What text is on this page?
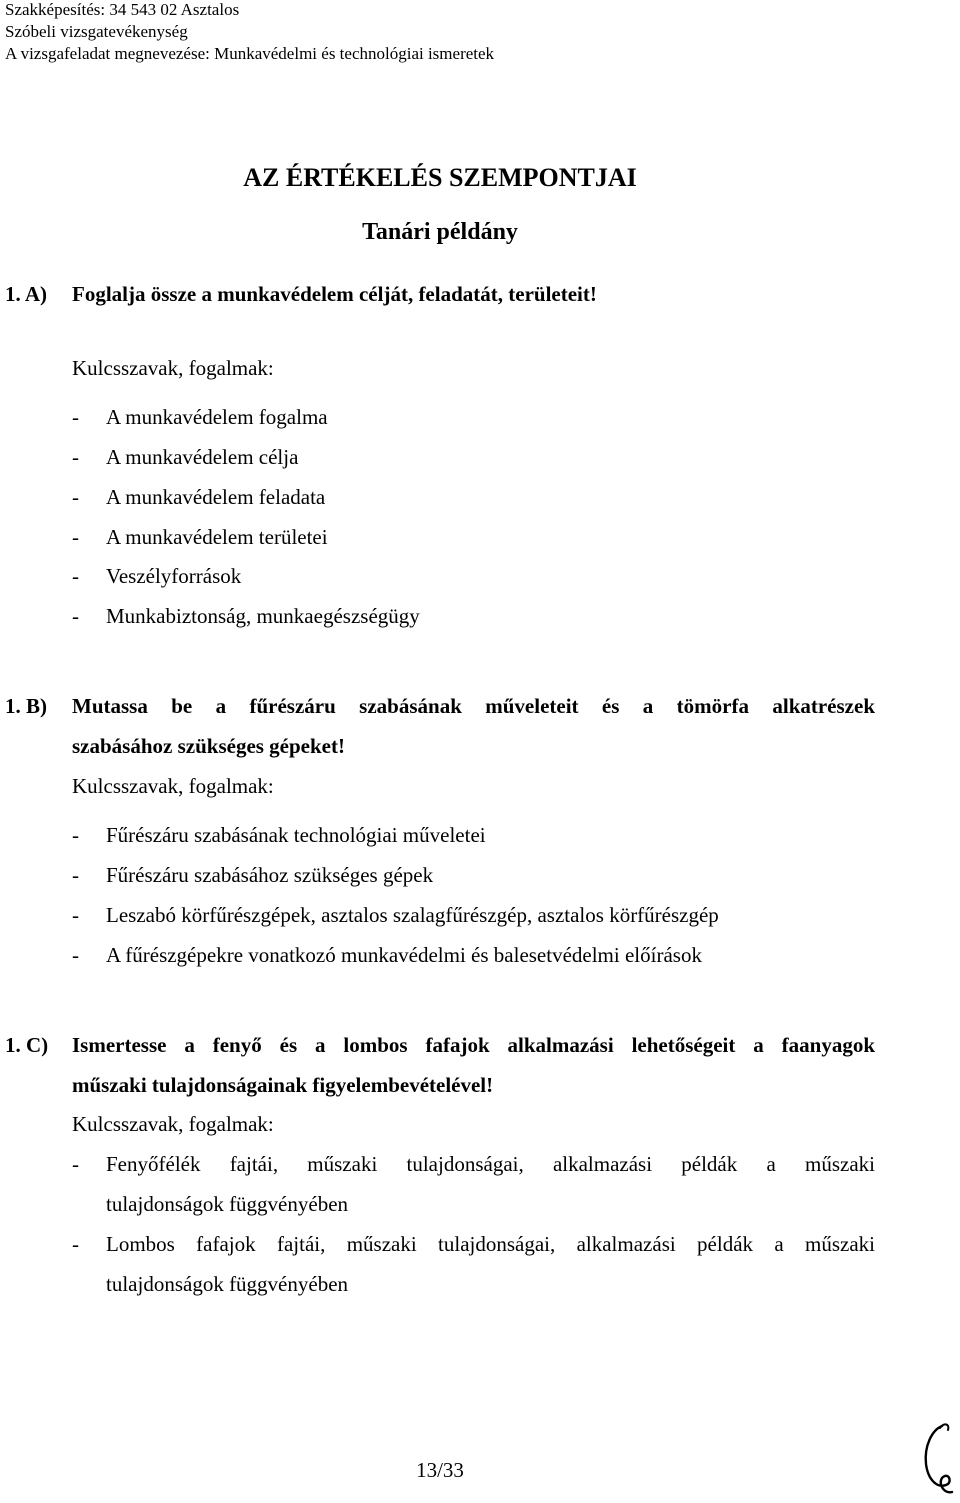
Szakképesítés: 34 543 02 Asztalos
Szóbeli vizsgatevékenység
A vizsgafeladat megnevezése: Munkavédelmi és technológiai ismeretek
AZ ÉRTÉKELÉS SZEMPONTJAI
Tanári példány
1. A) Foglalja össze a munkavédelem célját, feladatát, területeit!
Kulcsszavak, fogalmak:
- A munkavédelem fogalma
- A munkavédelem célja
- A munkavédelem feladata
- A munkavédelem területei
- Veszélyforrások
- Munkabiztonság, munkaegészségügy
1. B) Mutassa be a fűrészáru szabásának műveleteit és a tömörfa alkatrészek
szabásához szükséges gépeket!
Kulcsszavak, fogalmak:
- Fűrészáru szabásának technológiai műveletei
- Fűrészáru szabásához szükséges gépek
- Leszabó körfűrészgépek, asztalos szalagfűrészgép, asztalos körfűrészgép
- A fűrészgépekre vonatkozó munkavédelmi és balesetvédelmi előírások
1. C) Ismertesse a fenyő és a lombos fafajok alkalmazási lehetőségeit a faanyagok
műszaki tulajdonságainak figyelembevételével!
Kulcsszavak, fogalmak:
- Fenyőfélék fajtái, műszaki tulajdonságai, alkalmazási példák a műszaki
tulajdonságok függvényében
- Lombos fafajok fajtái, műszaki tulajdonságai, alkalmazási példák a műszaki
tulajdonságok függvényében
13/33
